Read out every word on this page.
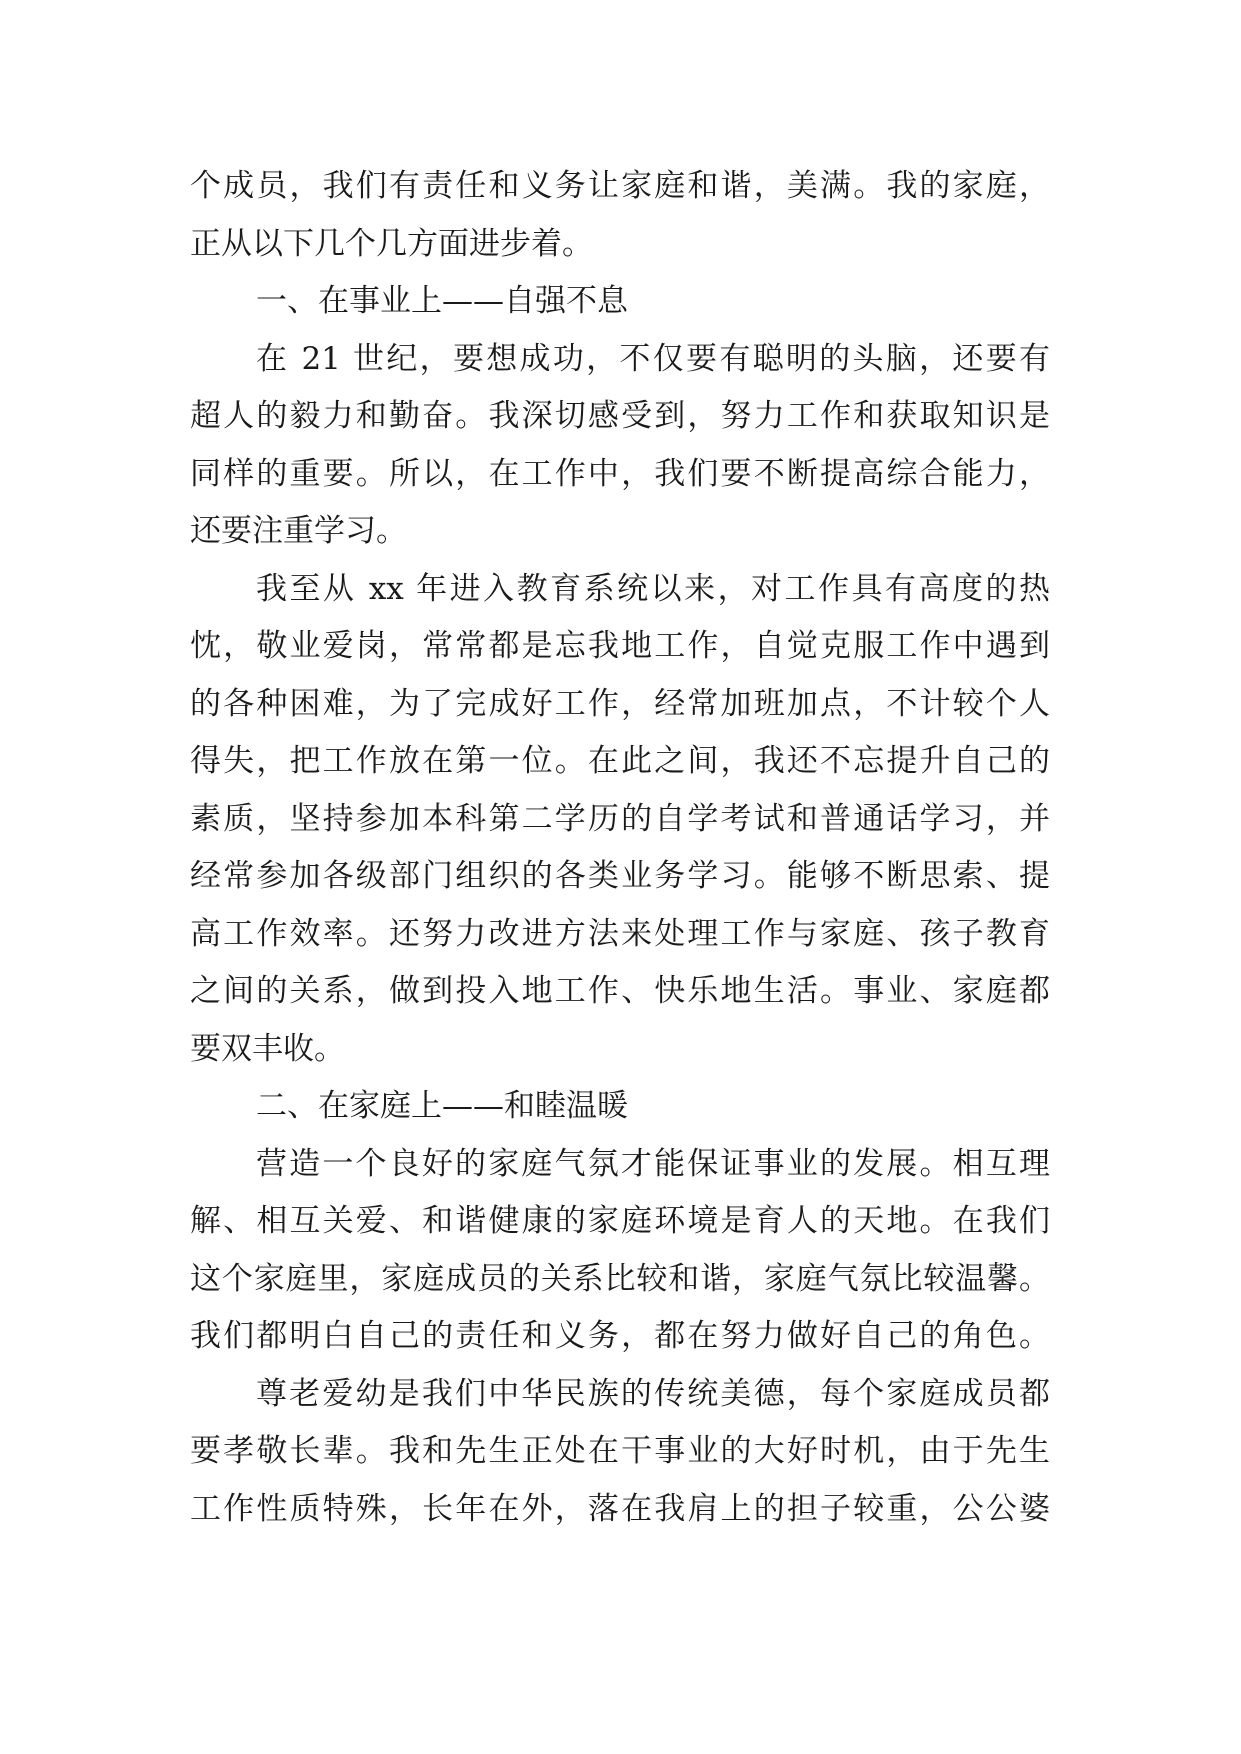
个成员，我们有责任和义务让家庭和谐，美满。我的家庭，
正从以下几个几方面进步着。
一、在事业上——自强不息
在 21 世纪，要想成功，不仅要有聪明的头脑，还要有
超人的毅力和勤奋。我深切感受到，努力工作和获取知识是
同样的重要。所以，在工作中，我们要不断提高综合能力，
还要注重学习。
我至从 xx 年进入教育系统以来，对工作具有高度的热
忱，敬业爱岗，常常都是忘我地工作，自觉克服工作中遇到
的各种困难，为了完成好工作，经常加班加点，不计较个人
得失，把工作放在第一位。在此之间，我还不忘提升自己的
素质，坚持参加本科第二学历的自学考试和普通话学习，并
经常参加各级部门组织的各类业务学习。能够不断思索、提
高工作效率。还努力改进方法来处理工作与家庭、孩子教育
之间的关系，做到投入地工作、快乐地生活。事业、家庭都
要双丰收。
二、在家庭上——和睦温暖
营造一个良好的家庭气氛才能保证事业的发展。相互理
解、相互关爱、和谐健康的家庭环境是育人的天地。在我们
这个家庭里，家庭成员的关系比较和谐，家庭气氛比较温馨。
我们都明白自己的责任和义务，都在努力做好自己的角色。
尊老爱幼是我们中华民族的传统美德，每个家庭成员都
要孝敬长辈。我和先生正处在干事业的大好时机，由于先生
工作性质特殊，长年在外，落在我肩上的担子较重，公公婆
